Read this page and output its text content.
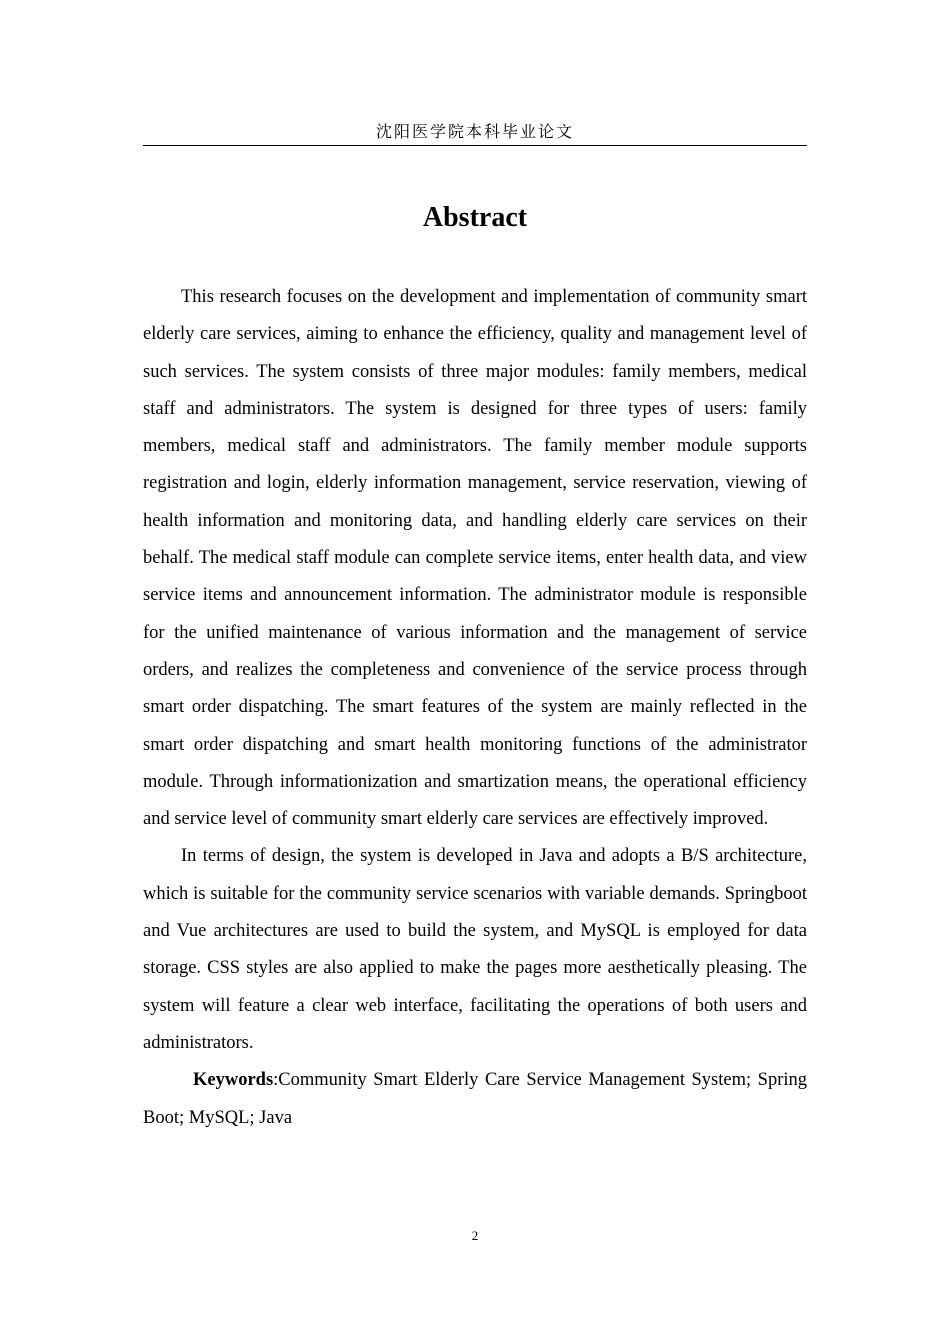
沈阳医学院本科毕业论文
Abstract

This research focuses on the development and implementation of community smart elderly care services, aiming to enhance the efficiency, quality and management level of such services. The system consists of three major modules: family members, medical staff and administrators. The system is designed for three types of users: family members, medical staff and administrators. The family member module supports registration and login, elderly information management, service reservation, viewing of health information and monitoring data, and handling elderly care services on their behalf. The medical staff module can complete service items, enter health data, and view service items and announcement information. The administrator module is responsible for the unified maintenance of various information and the management of service orders, and realizes the completeness and convenience of the service process through smart order dispatching. The smart features of the system are mainly reflected in the smart order dispatching and smart health monitoring functions of the administrator module. Through informationization and smartization means, the operational efficiency and service level of community smart elderly care services are effectively improved.

In terms of design, the system is developed in Java and adopts a B/S architecture, which is suitable for the community service scenarios with variable demands. Springboot and Vue architectures are used to build the system, and MySQL is employed for data storage. CSS styles are also applied to make the pages more aesthetically pleasing. The system will feature a clear web interface, facilitating the operations of both users and administrators.

Keywords:Community Smart Elderly Care Service Management System; Spring Boot; MySQL; Java

2
